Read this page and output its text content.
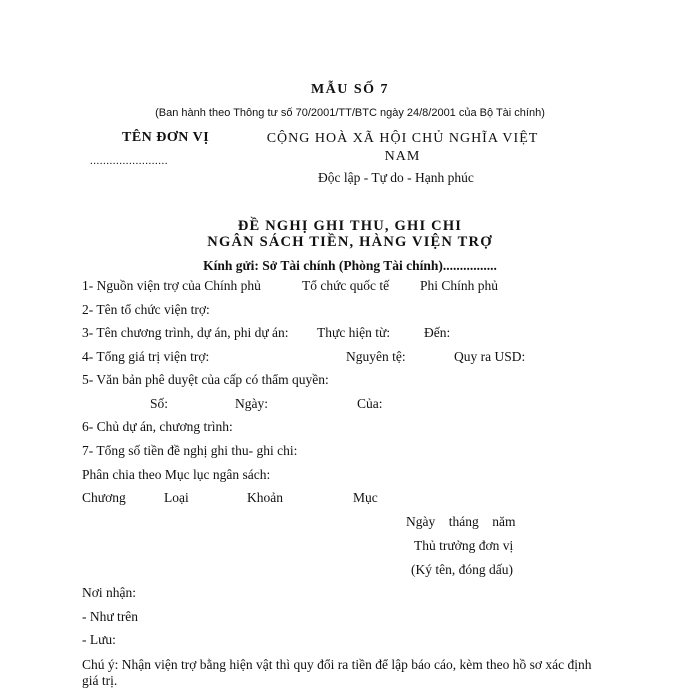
MẪU SỐ 7
(Ban hành theo Thông tư số 70/2001/TT/BTC ngày 24/8/2001 của Bộ Tài chính)
TÊN ĐƠN VỊ
........................
CỘNG HOÀ XÃ HỘI CHỦ NGHĨA VIỆT NAM
Độc lập - Tự do - Hạnh phúc
ĐỀ NGHỊ GHI THU, GHI CHI
NGÂN SÁCH TIỀN, HÀNG VIỆN TRỢ
Kính gửi: Sở Tài chính (Phòng Tài chính)................
1- Nguồn viện trợ của Chính phủ	Tổ chức quốc tế Phi Chính phủ
2- Tên tổ chức viện trợ:
3- Tên chương trình, dự án, phi dự án: Thực hiện từ:	Đến:
4- Tổng giá trị viện trợ:	Nguyên tệ:	Quy ra USD:
5- Văn bản phê duyệt của cấp có thẩm quyền:
Số:	Ngày:	Của:
6- Chủ dự án, chương trình:
7- Tổng số tiền đề nghị ghi thu- ghi chi:
Phân chia theo Mục lục ngân sách:
Chương	Loại	Khoản	Mục
Ngày    tháng    năm
Thủ trưởng đơn vị
(Ký tên, đóng dấu)
Nơi nhận:
- Như trên
- Lưu:
Chú ý: Nhận viện trợ bằng hiện vật thì quy đổi ra tiền để lập báo cáo, kèm theo hồ sơ xác định giá trị.
